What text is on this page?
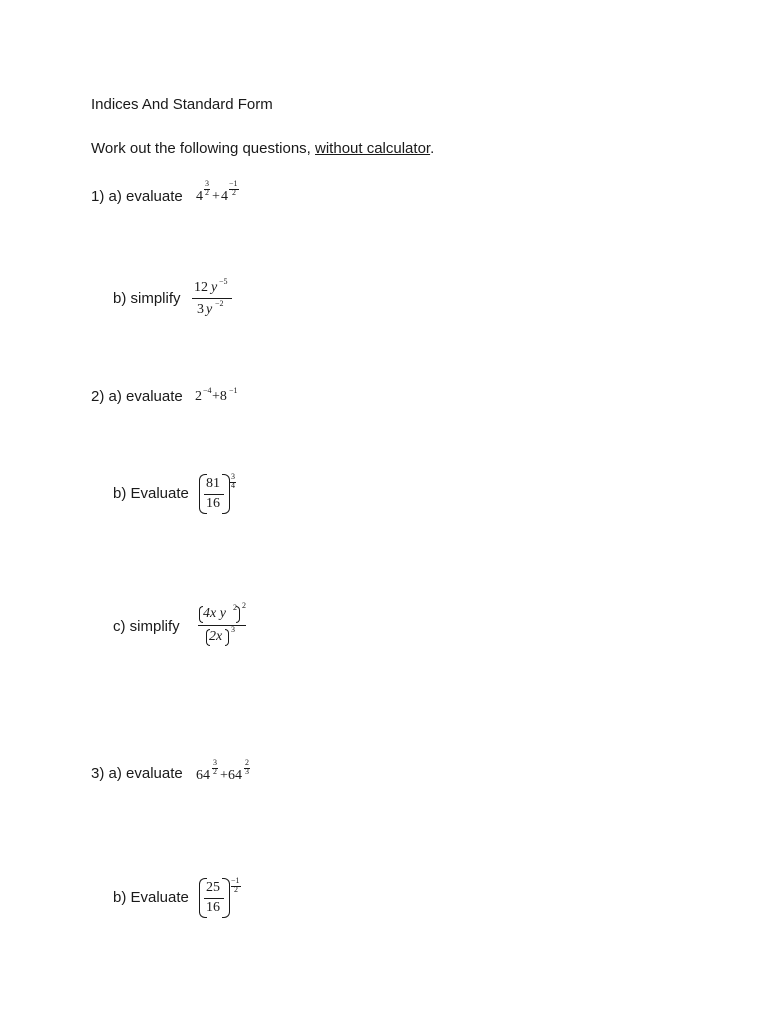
Indices And Standard Form
Work out the following questions, without calculator.
1) a) evaluate 4
3
2 + 4
−1
2
b) simplify
12 y −5
3 y −2
2) a) evaluate 2 −4 +8 −1
b) Evaluate
81
16
3
4
c) simplify
4x y 2 2
2x 3
3) a) evaluate 64
3
2 + 64
2
3
b) Evaluate
25
16
−1
2
